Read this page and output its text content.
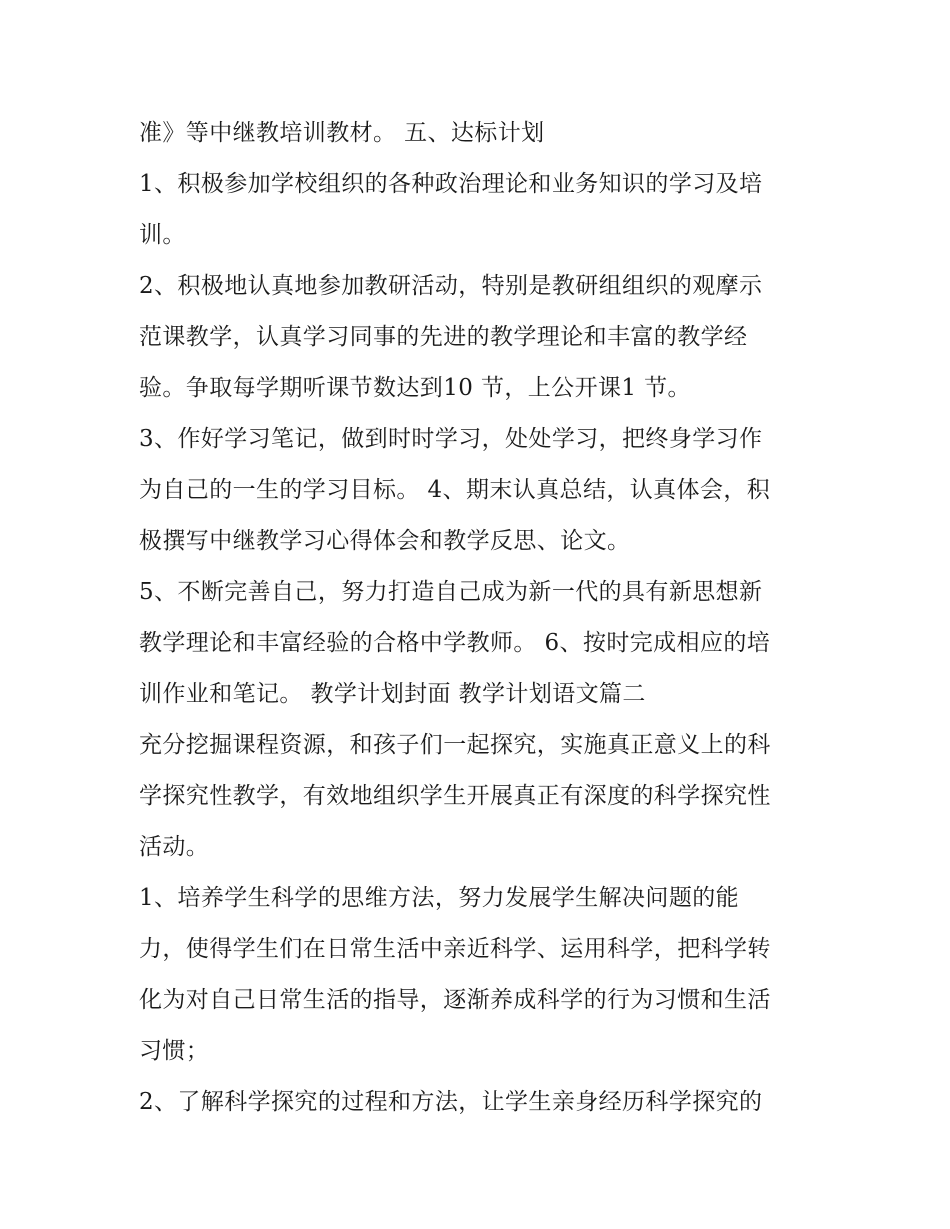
准》等中继教培训教材。 五、达标计划
1、积极参加学校组织的各种政治理论和业务知识的学习及培
训。
2、积极地认真地参加教研活动，特别是教研组组织的观摩示
范课教学，认真学习同事的先进的教学理论和丰富的教学经
验。争取每学期听课节数达到10 节，上公开课1 节。
3、作好学习笔记，做到时时学习，处处学习，把终身学习作
为自己的一生的学习目标。 4、期末认真总结，认真体会，积
极撰写中继教学习心得体会和教学反思、论文。
5、不断完善自己，努力打造自己成为新一代的具有新思想新
教学理论和丰富经验的合格中学教师。 6、按时完成相应的培
训作业和笔记。 教学计划封面 教学计划语文篇二
充分挖掘课程资源，和孩子们一起探究，实施真正意义上的科
学探究性教学，有效地组织学生开展真正有深度的科学探究性
活动。
1、培养学生科学的思维方法，努力发展学生解决问题的能
力，使得学生们在日常生活中亲近科学、运用科学，把科学转
化为对自己日常生活的指导，逐渐养成科学的行为习惯和生活
习惯；
2、了解科学探究的过程和方法，让学生亲身经历科学探究的
